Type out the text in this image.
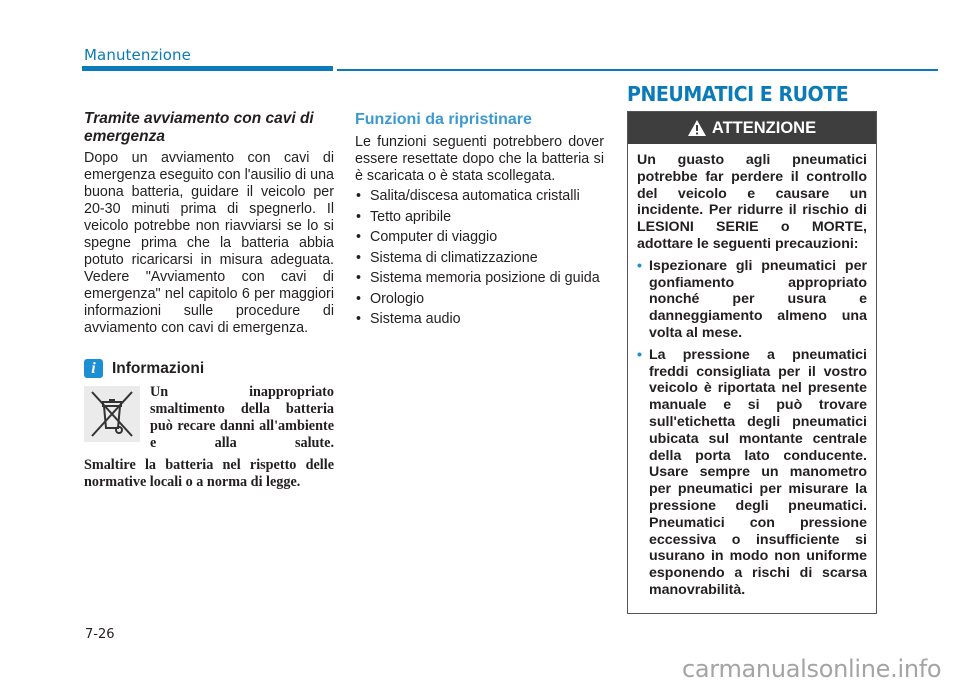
Manutenzione
Tramite avviamento con cavi di emergenza
Dopo un avviamento con cavi di emergenza eseguito con l'ausilio di una buona batteria, guidare il veicolo per 20-30 minuti prima di spegnerlo. Il veicolo potrebbe non riavviarsi se lo si spegne prima che la batteria abbia potuto ricaricarsi in misura adeguata. Vedere "Avviamento con cavi di emergenza" nel capitolo 6 per maggiori informazioni sulle procedure di avviamento con cavi di emergenza.
i	Informazioni
Un inappropriato smaltimento della batteria può recare danni all'ambiente e alla salute.
Smaltire la batteria nel rispetto delle normative locali o a norma di legge.
Funzioni da ripristinare
Le funzioni seguenti potrebbero dover essere resettate dopo che la batteria si è scaricata o è stata scollegata.
• Salita/discesa automatica cristalli
• Tetto apribile
• Computer di viaggio
• Sistema di climatizzazione
• Sistema memoria posizione di guida
• Orologio
• Sistema audio
PNEUMATICI E RUOTE
ATTENZIONE
Un guasto agli pneumatici potrebbe far perdere il controllo del veicolo e causare un incidente. Per ridurre il rischio di LESIONI SERIE o MORTE, adottare le seguenti precauzioni:
• Ispezionare gli pneumatici per gonfiamento appropriato nonché per usura e danneggiamento almeno una volta al mese.
• La pressione a pneumatici freddi consigliata per il vostro veicolo è riportata nel presente manuale e si può trovare sull'etichetta degli pneumatici ubicata sul montante centrale della porta lato conducente. Usare sempre un manometro per pneumatici per misurare la pressione degli pneumatici. Pneumatici con pressione eccessiva o insufficiente si usurano in modo non uniforme esponendo a rischi di scarsa manovrabilità.
7-26
carmanualsonline.info
